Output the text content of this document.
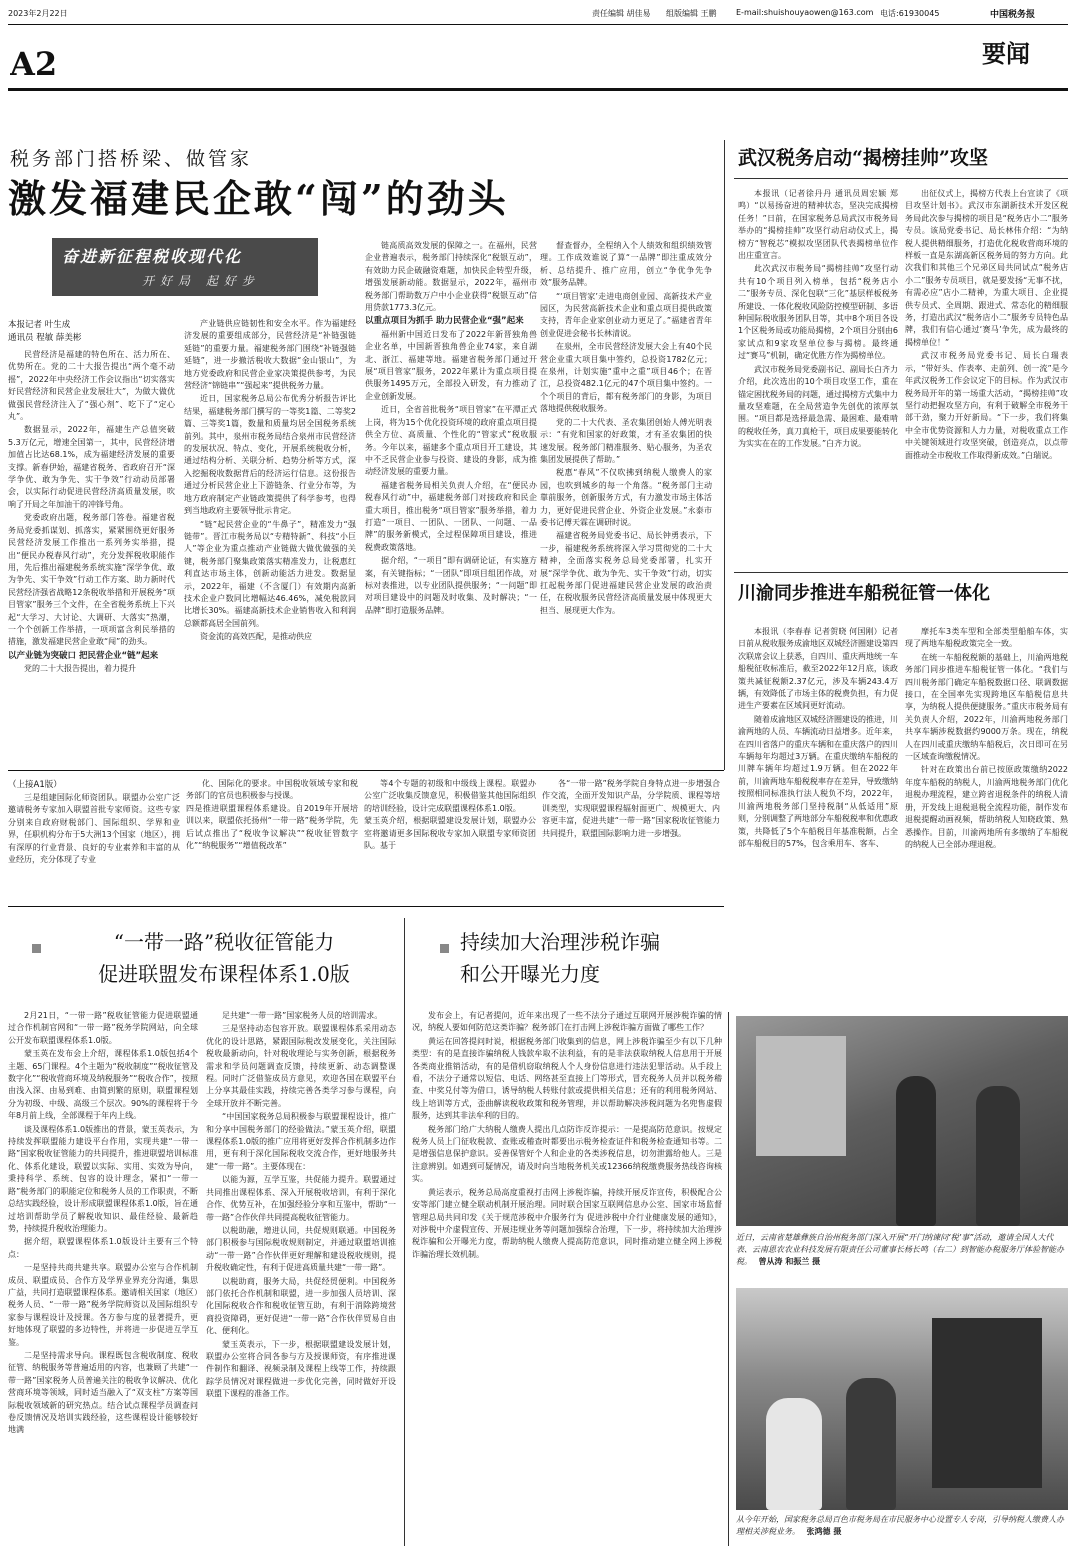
2023年2月22日	责任编辑 胡佳易	组版编辑 王鹏	E-mail:shuishouyaowen@163.com 电话:61930045	中国税务报
A2	要闻
税务部门搭桥梁、做管家
激发福建民企敢“闯”的劲头
奋进新征程税收现代化
开好局 起好步
本报记者 叶生成
通讯员 程敏 薛美彬

民营经济是福建的特色所在、活力所在、优势所在。党的二十大报告提出“两个毫不动摇”，2022年中央经济工作会议指出“切实落实好民营经济和民营企业发展壮大”，为做大做优做强民营经济注入了“强心剂”、吃下了“定心丸”。

数据显示，2022年，福建生产总值突破5.3万亿元，增速全国第一，其中，民营经济增加值占比达68.1%，成为福建经济发展的重要支撑。新春伊始，福建省税务、省政府召开“深学争优、敢为争先、实干争效”行动动员部署会，以实际行动促进民营经济高质量发展，吹响了开局之年加油干的冲锋号角。

党委政府出题，税务部门答卷。福建省税务局党委抓谋划、抓落实，紧紧围绕更好服务民营经济发展工作推出一系列务实举措，提出“便民办税春风行动”，充分发挥税收职能作用，先后推出福建税务系统实施“深学争优、敢为争先、实干争效”行动工作方案、助力新时代民营经济强省战略12条税收举措和开展税务“项目管家”服务三个文件，在全省税务系统上下兴起“大学习、大讨论、大调研、大落实”热潮，一个个创新工作举措，一项项富含利民举措的措施，激发福建民营企业敢“闯”的劲头。

以产业链为突破口 把民营企业“链”起来

党的二十大报告提出，着力提升

产业链供应链韧性和安全水平。作为福建经济发展的重要组成部分，民营经济是“补链强链延链”的重要力量。福建税务部门围绕“补链强链延链”，进一步撤活税收大数据“金山银山”，为地方党委政府和民营企业家决策提供参考，为民营经济“锦链串”“强起来”提供税务力量。

近日，国家税务总局公布优秀分析报告评比结果，福建税务部门撰写的一等奖1篇、二等奖2篇、三等奖1篇，数量和质量均居全国税务系统前列。其中，泉州市税务局结合泉州市民营经济的发展状况、特点、变化，开展系统税收分析，通过结构分析、关联分析、趋势分析等方式，深入挖掘税收数据背后的经济运行信息。这份报告通过分析民营企业上下游链条、行业分布等，为地方政府制定产业链政策提供了科学参考，也得到当地政府主要领导批示肯定。

“链”起民营企业的“牛鼻子”，精准发力“强链带”。晋江市税务局以“专精特新”、科技“小巨人”等企业为重点推动产业链做大做优做强的关键，税务部门聚集政策落实精准发力，让税惠红利直达市场主体，创新动能活力进发。数据显示，2022年，福建（不含厦门）有效期内高新技术企业户数同比增幅达46.46%，减免税款同比增长30%。福建高新技术企业销售收入和利润总额都高居全国前列。

资金流的高效匹配，是推动供应

链高质高效发展的保障之一。在福州，民营企业普遍表示，税务部门持续深化“税银互动”，有效助力民企破融资难题，加快民企转型升级，增强发展新动能。数据显示，2022年，福州市税务部门帮助数万户中小企业获得“税银互动”信用贷款1773.3亿元。

以重点项目为抓手 助力民营企业“强”起来

福州新中国近日发布了2022年新晋独角兽企业名单，中国新晋独角兽企业74家，来自湖北、浙江、福建等地。福建省税务部门通过开展“项目管家”服务，2022年累计为重点项目提供服务1495万元，全部投入研发，有力推动了企业创新发展。

近日，全省首批税务“项目管家”在平潭正式上岗，将为15个优化投资环境的政府重点项目提供全方位、高质量、个性化的“管家式”税收服务。今年以来，福建多个重点项目开工建设，其中不乏民营企业参与投资、建设的身影，成为推动经济发展的重要力量。

福建省税务局相关负责人介绍，在“便民办税春风行动”中，福建税务部门对接政府和民企重大项目，推出税务“项目管家”服务举措，着力打造“一项目、一团队、一团队、一问题、一品牌”的服务新模式，全过程保障项目建设，推进税费政策落地。

据介绍，“一项目”即有调研论证，有实施方案，有关键指标；“一团队”即项目组团作战，对标对表推进，以专业团队提供服务；“一问题”即对项目建设中的问题及时收集、及时解决；“一品牌”即打造服务品牌。

督查督办，全程纳入个人绩效和组织绩效管理。工作成效谁说了算“一品牌”即注重成效分析、总结提升、推广应用，创立“争优争先争效”服务品牌。

“‘项目管家’走进电商创业园、高新技术产业园区，为民营高新技术企业和重点项目提供政策支持，青年企业家创业动力更足了。”福建省青年创业促进会秘书长林清说。

在泉州，全市民营经济发展大会上有40个民营企业重大项目集中签约，总投资1782亿元；在泉州，计划实施“重中之重”项目46个；在晋江，总投资482.1亿元的47个项目集中签约。一个个项目的背后，都有税务部门的身影，为项目落地提供税收服务。

党的二十大代表、圣农集团创始人傅光明表示：“有党和国家的好政策，才有圣农集团的快速发展。税务部门精准服务、贴心服务，为圣农集团发展提供了帮助。”

税惠“春风”不仅吹拂到纳税人缴费人的家园，也吹到城乡的每一个角落。“税务部门主动靠前服务，创新服务方式，有力激发市场主体活力，更好促进民营企业、外资企业发展。”永泰市委书记傅天霖在调研时说。

福建省税务局党委书记、局长钟勇表示，下一步，福建税务系统将深入学习贯彻党的二十大精神，全面落实税务总局党委部署，扎实开展“深学争优、敢为争先、实干争效”行动，切实扛起税务部门促进福建民营企业发展的政治责任，在税收服务民营经济高质量发展中体现更大担当、展现更大作为。

武汉税务启动“揭榜挂帅”攻坚

本报讯（记者徐丹丹 通讯员周宏颖 郑鸣）“以易扬奋进的精神状态，坚决完成揭榜任务！”日前，在国家税务总局武汉市税务局举办的“揭榜挂帅”攻坚行动启动仪式上，揭榜方“智税芯”模拟攻坚团队代表揭榜单位作出庄重宣言。

此次武汉市税务局“揭榜挂帅”攻坚行动共有10个项目列入榜单，包括“税务店小二”服务专员、深化包联“三化”基层样板税务所建设、一体化税收风险防控模型研制、多语种国际税收服务团队目等，其中8个项目各设1个区税务局或功能局揭榜，2个项目分别由6家试点和9家攻坚单位参与揭榜。最终通过“赛马”机制，确定优胜方作为揭榜单位。

武汉市税务局党委副书记、副局长白齐力介绍，此次选出的10个项目攻坚工作，重在锚定困扰税务局的问题，通过揭榜方式集中力量攻坚难题，在全局营造争先创优的浓厚氛围。“项目都是选择最急需、最困难、最难啃的税收任务，真刀真枪干，项目成果要能转化为实实在在的工作发展。”白齐力说。

出征仪式上，揭榜方代表上台宣读了《项目攻坚计划书》。武汉市东湖新技术开发区税务局此次参与揭榜的项目是“税务店小二”服务专员。该局党委书记、局长林伟介绍：“为纳税人提供精细服务，打造优化税收营商环境的样板一直是东湖高新区税务局的努力方向。此次我们和其他三个兄弟区局共同试点“税务店小二”服务专员项目，就是要发扬“无事不扰，有需必应”店小二精神，为重大项目、企业提供专员式、全周期、跟进式、常态化的精细服务，打造出武汉“税务店小二”服务专员特色品牌，我们有信心通过‘赛马’争先，成为最终的揭榜单位！”

武汉市税务局党委书记、局长白瑞表示，“带好头、作表率、走前列、创一流”是今年武汉税务工作会议定下的目标。作为武汉市税务局开年的第一场重大活动，“揭榜挂帅”攻坚行动把握攻坚方向，有利于破解全市税务干部干劲，聚力开好新局。“下一步，我们将集中全市优势资源和人力力量，对税收重点工作中关键领域进行攻坚突破，创造亮点，以点带面推动全市税收工作取得新成效。”白瑞说。

川渝同步推进车船税征管一体化

本报讯（李春春 记者贺晓 何国刚）记者日前从税收服务成渝地区双城经济圈建设第四次联席会议上获悉，自四川、重庆两地统一车船税征收标准后，截至2022年12月底，该政策共减征税额2.37亿元，涉及车辆243.4万辆，有效降低了市场主体的税费负担，有力促进生产要素在区域间更好流动。

随着成渝地区双城经济圈建设的推进，川渝两地的人员、车辆流动日益增多。近年来，在四川省落户的重庆车辆和在重庆落户的四川车辆每年均超过3万辆。在重庆缴纳车船税的川牌车辆年均超过1.9万辆。但在2022年前，川渝两地车船税税率存在差异，导致缴纳按照相同标准执行法人税负不均，2022年，川渝两地税务部门坚持税制“从低适用”原则，分别调整了两地部分车船税税率和优惠政策，共降低了5个车船税目年基准税额，占全部车船税目的57%，包含乘用车、客车、

摩托车3类车型和全部类型船舶车体，实现了两地车船税政策完全一致。

在统一车船税税额的基础上，川渝两地税务部门同步推进车船税征管一体化。“我们与四川税务部门确定车船税数据口径、联调数据接口，在全国率先实现跨地区车船税信息共享，为纳税人提供便捷服务。”重庆市税务局有关负责人介绍，2022年，川渝两地税务部门共享车辆涉税数据约9000万条。现在，纳税人在四川或重庆缴纳车船税后，次日即可在另一区域查询缴税情况。

针对在政策出台前已按原政策缴纳2022年度车船税的纳税人，川渝两地税务部门优化退税办理流程，建立跨省退税条件的纳税人清册，开发线上退税退税全流程功能，制作发布退税提醒动画视频，帮助纳税人知晓政策、熟悉操作。目前，川渝两地所有多缴纳了车船税的纳税人已全部办理退税。

（上接A1版）

三是组建国际化师资团队。联盟办公室广泛邀请税务专家加入联盟首批专家师资。这些专家分别来自政府财税部门、国际组织、学界和业界，任职机构分布于5大洲13个国家（地区），拥有深厚的行业背景、良好的专业素养和丰富的从业经历，充分体现了专业

化、国际化的要求。中国税收领域专家和税务部门的官员也积极参与授课。
四是推进联盟课程体系建设。自2019年开展培训以来，联盟依托扬州“一带一路”税务学院，先后试点推出了“税收争议解决”“税收征管数字化”“纳税服务”“增值税改革”

等4个专题的初级和中级线上课程。联盟办公室广泛收集反馈意见，积极借鉴其他国际组织的培训经验，设计完成联盟课程体系1.0版。
蒙玉英介绍，根据联盟建设发展计划，联盟办公室将邀请更多国际税收专家加入联盟专家师资团队。基于

各“一带一路”税务学院自身特点进一步增强合作交流，全面开发知识产品，分学院质、课程等培训类型，实现联盟课程辐射面更广、规模更大、内容更丰富，促进共建“一带一路”国家税收征管能力共同提升，联盟国际影响力进一步增强。

“一带一路”税收征管能力
促进联盟发布课程体系1.0版

2月21日，“一带一路”税收征管能力促进联盟通过合作机制官网和“一带一路”税务学院网站，向全球公开发布联盟课程体系1.0版。

蒙玉英在发布会上介绍，课程体系1.0版包括4个主题、65门课程。4个主题为“税收制度”“税收征管及数字化”“税收营商环境及纳税服务”“税收合作”，按照由浅入深、由易到难、由简到繁的原则，联盟课程划分为初级、中级、高级三个层次。90%的课程将于今年8月前上线，全部课程于年内上线。

谈及课程体系1.0版推出的背景，蒙玉英表示，为持续发挥联盟能力建设平台作用，实现共建“一带一路”国家税收征管能力的共同提升，推进联盟培训标准化、体系化建设，联盟以实际、实用、实效为导向，秉持科学、系统、包容的设计理念，紧扣“一带一路”税务部门的职能定位和税务人员的工作职责，不断总结实践经验，设计形成联盟课程体系1.0版，旨在通过培训帮助学员了解税收知识、最佳经验、最新趋势，持续提升税收治理能力。

据介绍，联盟课程体系1.0版设计主要有三个特点：

一是坚持共商共建共享。联盟办公室与合作机制成员、联盟成员、合作方及学界业界充分沟通，集思广益，共同打造联盟课程体系。邀请相关国家（地区）税务人员、“一带一路”税务学院师资以及国际组织专家参与课程设计及授课。各方参与度的显著提升，更好地体现了联盟的多边特性，并将进一步促进互学互鉴。

二是坚持需求导向。课程既包含税收制度、税收征管、纳税服务等普遍适用的内容，也兼顾了共建“一带一路”国家税务人员普遍关注的税收争议解决、优化营商环境等领域，同时适当融入了“双支柱”方案等国际税收领域新的研究热点。结合试点课程学员调查问卷反馈情况及培训实践经验，这些课程设计能够较好地满

足共建“一带一路”国家税务人员的培训需求。

三是坚持动态包容开放。联盟课程体系采用动态优化的设计思路，紧跟国际税改发展变化，关注国际税收最新动向，针对税收理论与实务创新，根据税务需求和学员问题调查反馈，持续更新、动态调整课程。同时广泛借鉴成员方意见，欢迎各国在联盟平台上分享其最佳实践，持续完善各类学习参与课程，向全球开放并不断完善。

“中国国家税务总局积极参与联盟课程设计，推广和分享中国税务部门的经验做法。”蒙玉英介绍，联盟课程体系1.0版的推广应用将更好发挥合作机制多边作用，更有利于深化国际税收交流合作，更好地服务共建“一带一路”。主要体现在：

以能为源，互学互鉴，共促能力提升。联盟通过共同推出课程体系、深入开展税收培训，有利于深化合作、优势互补，在加强经验分享和互鉴中，帮助“一带一路”合作伙伴共同提高税收征管能力。

以税助融，增进认同，共促规则联通。中国税务部门积极参与国际税收规则制定，并通过联盟培训推动“一带一路”合作伙伴更好理解和建设税收规则，提升税收确定性，有利于促进高质量共建“一带一路”。

以税助商，服务大局，共促经贸便利。中国税务部门依托合作机制和联盟，进一步加强人员培训、深化国际税收合作和税收征管互助，有利于消除跨境营商投资障碍，更好促进“一带一路”合作伙伴贸易自由化、便利化。

蒙玉英表示，下一步，根据联盟建设发展计划，联盟办公室将合同各参与方及授课师资，有序推进课件制作和翻译、视频录制及课程上线等工作，持续跟踪学员情况对课程做进一步优化完善，同时做好开设联盟下课程的准备工作。

持续加大治理涉税诈骗
和公开曝光力度

发布会上，有记者提问，近年来出现了一些不法分子通过互联网开展涉税诈骗的情况，纳税人要如何防范这类诈骗？税务部门在打击网上涉税诈骗方面做了哪些工作？

黄运在回答提问时说，根据税务部门收集到的信息，网上涉税诈骗至少有以下几种类型：有的是直接诈骗纳税人钱款牟取不法利益，有的是非法获取纳税人信息用于开展各类商业推销活动，有的是借机窃取纳税人个人身份信息进行违法犯罪活动。从手段上看，不法分子通常以短信、电话、网络甚至直接上门等形式，冒充税务人员并以税务稽查、中奖兑付等为借口，诱导纳税人转账付款或提供相关信息；还有的利用税务网站、线上培训等方式，歪曲解读税收政策和税务管理，并以帮助解决涉税问题为名兜售虚假服务，达到其非法牟利的目的。

税务部门给广大纳税人缴费人提出几点防诈反诈提示：一是提高防范意识。按规定税务人员上门征收税款、查账或稽查时都要出示税务检查证件和税务检查通知书等。二是增强信息保护意识。妥善保管好个人和企业的各类涉税信息，切勿泄露给他人。三是注意辨别。如遇到可疑情况，请及时向当地税务机关或12366纳税缴费服务热线咨询核实。

黄运表示，税务总局高度重视打击网上涉税诈骗，持续开展反诈宣传，积极配合公安等部门建立健全联动机制开展治理。同时联合国家互联网信息办公室、国家市场监督管理总局共同印发《关于规范涉税中介服务行为 促进涉税中介行业健康发展的通知》，对涉税中介虚假宣传、开展违规业务等问题加强综合治理，下一步，将持续加大治理涉税诈骗和公开曝光力度，帮助纳税人缴费人提高防范意识，同时推动建立健全网上涉税诈骗治理长效机制。

近日，云南省楚雄彝族自治州税务部门深入开展“开门纳谏问‘税’事”活动，邀请全国人大代表、云南恩农农业科技发展有限责任公司董事长杨长鸣（右二）到智能办税服务厅体验智能办税。 曾从涛 和振兰 摄
从今年开始，国家税务总局百色市税务局在市民服务中心设置专人专岗，引导纳税人缴费人办理相关涉税业务。 张鸿德 摄
